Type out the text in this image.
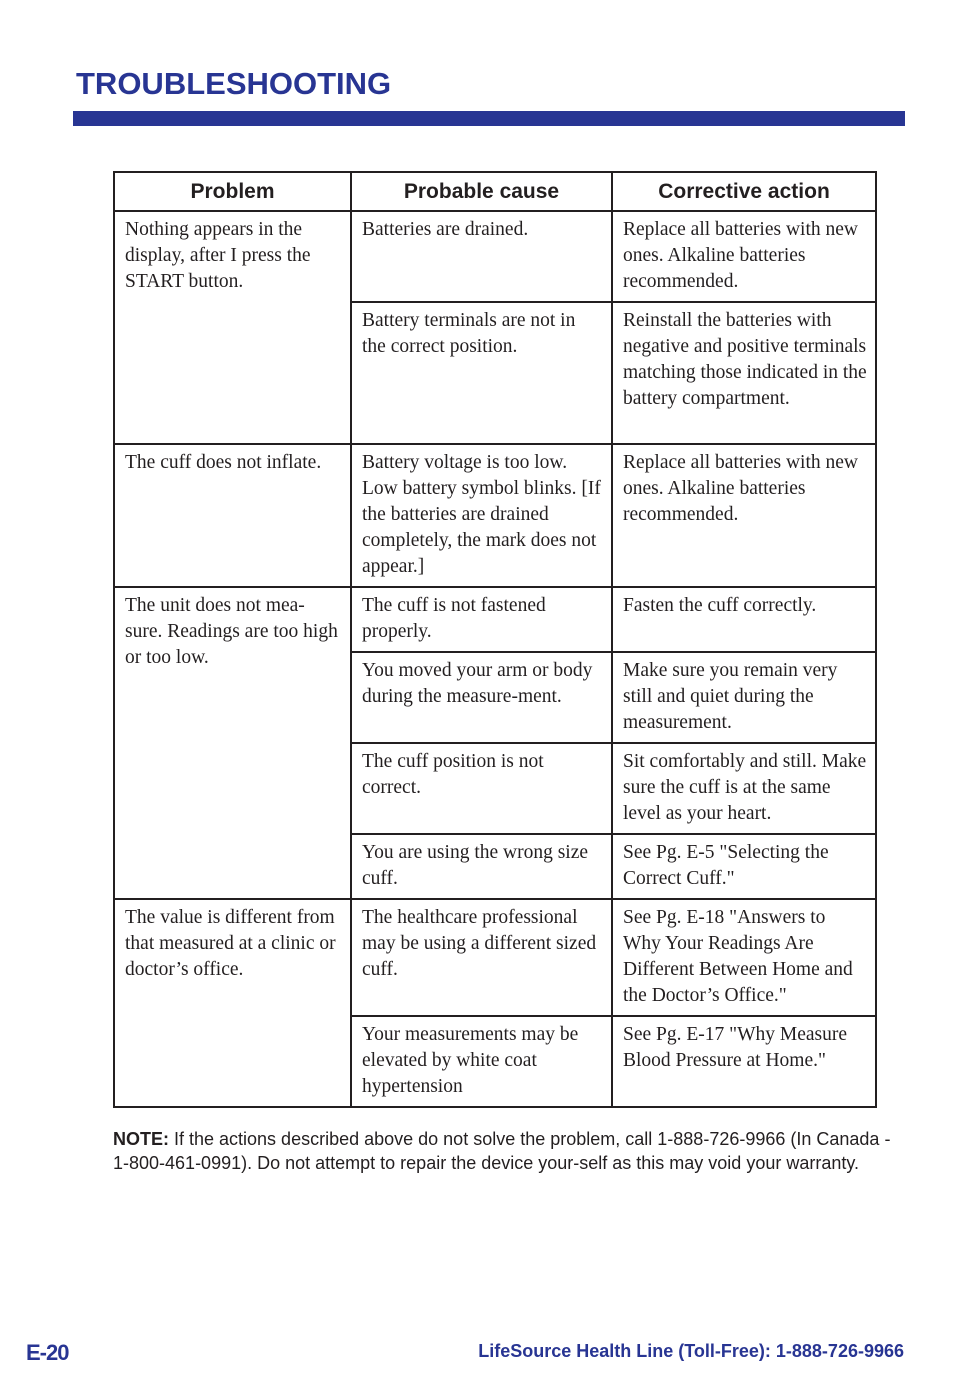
TROUBLESHOOTING
Problem	Probable cause	Corrective action
Nothing appears in the display, after I press the START button.	Batteries are drained.	Replace all batteries with new ones. Alkaline batteries recommended.
	Battery terminals are not in the correct position.	Reinstall the batteries with negative and positive terminals matching those indicated in the battery compartment.
The cuff does not inflate.	Battery voltage is too low. Low battery symbol blinks. [If the batteries are drained completely, the mark does not appear.]	Replace all batteries with new ones. Alkaline batteries recommended.
The unit does not mea-sure. Readings are too high or too low.	The cuff is not fastened properly.	Fasten the cuff correctly.
	You moved your arm or body during the measure-ment.	Make sure you remain very still and quiet during the measurement.
	The cuff position is not correct.	Sit comfortably and still. Make sure the cuff is at the same level as your heart.
	You are using the wrong size cuff.	See Pg. E-5 "Selecting the Correct Cuff."
The value is different from that measured at a clinic or doctor’s office.	The healthcare professional may be using a different sized cuff.	See Pg. E-18 "Answers to Why Your Readings Are Different Between Home and the Doctor’s Office."
	Your measurements may be elevated by white coat hypertension	See Pg. E-17 "Why Measure Blood Pressure at Home."
NOTE: If the actions described above do not solve the problem, call 1-888-726-9966 (In Canada - 1-800-461-0991). Do not attempt to repair the device your-self as this may void your warranty.
E-20	LifeSource Health Line (Toll-Free): 1-888-726-9966
